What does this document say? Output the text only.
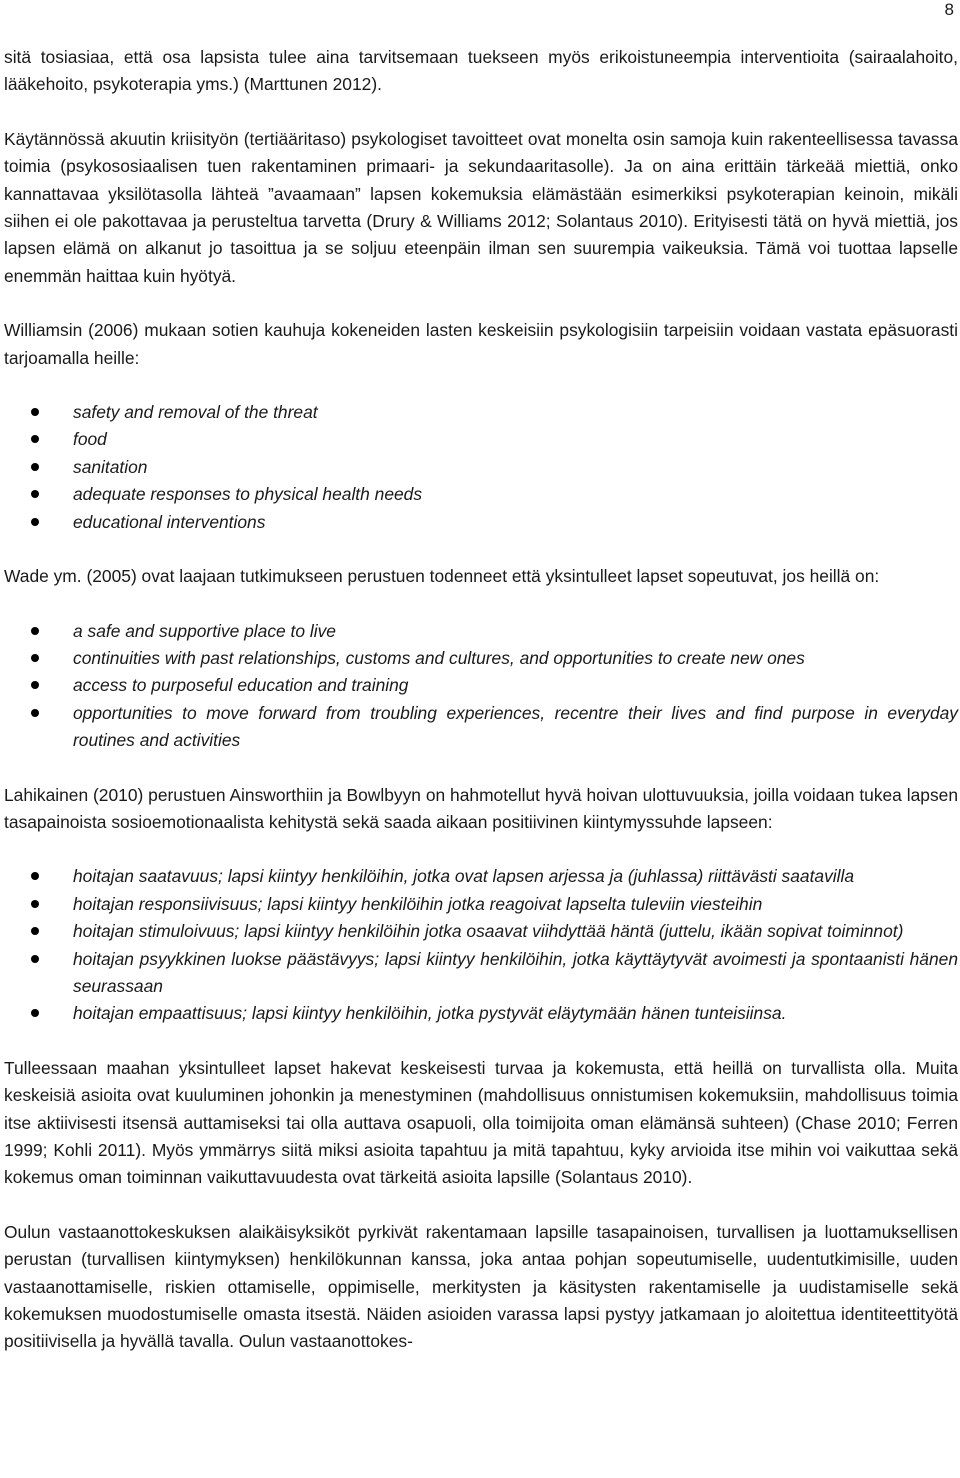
8

sitä tosiasiaa, että osa lapsista tulee aina tarvitsemaan tuekseen myös erikoistuneempia interventioita (sairaalahoito, lääkehoito, psykoterapia yms.) (Marttunen 2012).

Käytännössä akuutin kriisityön (tertiääritaso) psykologiset tavoitteet ovat monelta osin samoja kuin rakenteellisessa tavassa toimia (psykososiaalisen tuen rakentaminen primaari- ja sekundaaritasolle). Ja on aina erittäin tärkeää miettiä, onko kannattavaa yksilötasolla lähteä ”avaamaan” lapsen kokemuksia elämästään esimerkiksi psykoterapian keinoin, mikäli siihen ei ole pakottavaa ja perusteltua tarvetta (Drury & Williams 2012; Solantaus 2010). Erityisesti tätä on hyvä miettiä, jos lapsen elämä on alkanut jo tasoittua ja se soljuu eteenpäin ilman sen suurempia vaikeuksia. Tämä voi tuottaa lapselle enemmän haittaa kuin hyötyä.

Williamsin (2006) mukaan sotien kauhuja kokeneiden lasten keskeisiin psykologisiin tarpeisiin voidaan vastata epäsuorasti tarjoamalla heille:

safety and removal of the threat
food
sanitation
adequate responses to physical health needs
educational interventions

Wade ym. (2005) ovat laajaan tutkimukseen perustuen todenneet että yksintulleet lapset sopeutuvat, jos heillä on:

a safe and supportive place to live
continuities with past relationships, customs and cultures, and opportunities to create new ones
access to purposeful education and training
opportunities to move forward from troubling experiences, recentre their lives and find purpose in everyday routines and activities

Lahikainen (2010) perustuen Ainsworthiin ja Bowlbyyn on hahmotellut hyvä hoivan ulottuvuuksia, joilla voidaan tukea lapsen tasapainoista sosioemotionaalista kehitystä sekä saada aikaan positiivinen kiintymyssuhde lapseen:

hoitajan saatavuus; lapsi kiintyy henkilöihin, jotka ovat lapsen arjessa ja (juhlassa) riittävästi saatavilla
hoitajan responsiivisuus; lapsi kiintyy henkilöihin jotka reagoivat lapselta tuleviin viesteihin
hoitajan stimuloivuus; lapsi kiintyy henkilöihin jotka osaavat viihdyttää häntä (juttelu, ikään sopivat toiminnot)
hoitajan psyykkinen luokse päästävyys; lapsi kiintyy henkilöihin, jotka käyttäytyvät avoimesti ja spontaanisti hänen seurassaan
hoitajan empaattisuus; lapsi kiintyy henkilöihin, jotka pystyvät eläytymään hänen tunteisiinsa.

Tulleessaan maahan yksintulleet lapset hakevat keskeisesti turvaa ja kokemusta, että heillä on turvallista olla. Muita keskeisiä asioita ovat kuuluminen johonkin ja menestyminen (mahdollisuus onnistumisen kokemuksiin, mahdollisuus toimia itse aktiivisesti itsensä auttamiseksi tai olla auttava osapuoli, olla toimijoita oman elämänsä suhteen) (Chase 2010; Ferren 1999; Kohli 2011). Myös ymmärrys siitä miksi asioita tapahtuu ja mitä tapahtuu, kyky arvioida itse mihin voi vaikuttaa sekä kokemus oman toiminnan vaikuttavuudesta ovat tärkeitä asioita lapsille (Solantaus 2010).

Oulun vastaanottokeskuksen alaikäisyksiköt pyrkivät rakentamaan lapsille tasapainoisen, turvallisen ja luottamuksellisen perustan (turvallisen kiintymyksen) henkilökunnan kanssa, joka antaa pohjan sopeutumiselle, uudentutkimisille, uuden vastaanottamiselle, riskien ottamiselle, oppimiselle, merkitysten ja käsitysten rakentamiselle ja uudistamiselle sekä kokemuksen muodostumiselle omasta itsestä. Näiden asioiden varassa lapsi pystyy jatkamaan jo aloitettua identiteettityötä positiivisella ja hyvällä tavalla. Oulun vastaanottokes-
